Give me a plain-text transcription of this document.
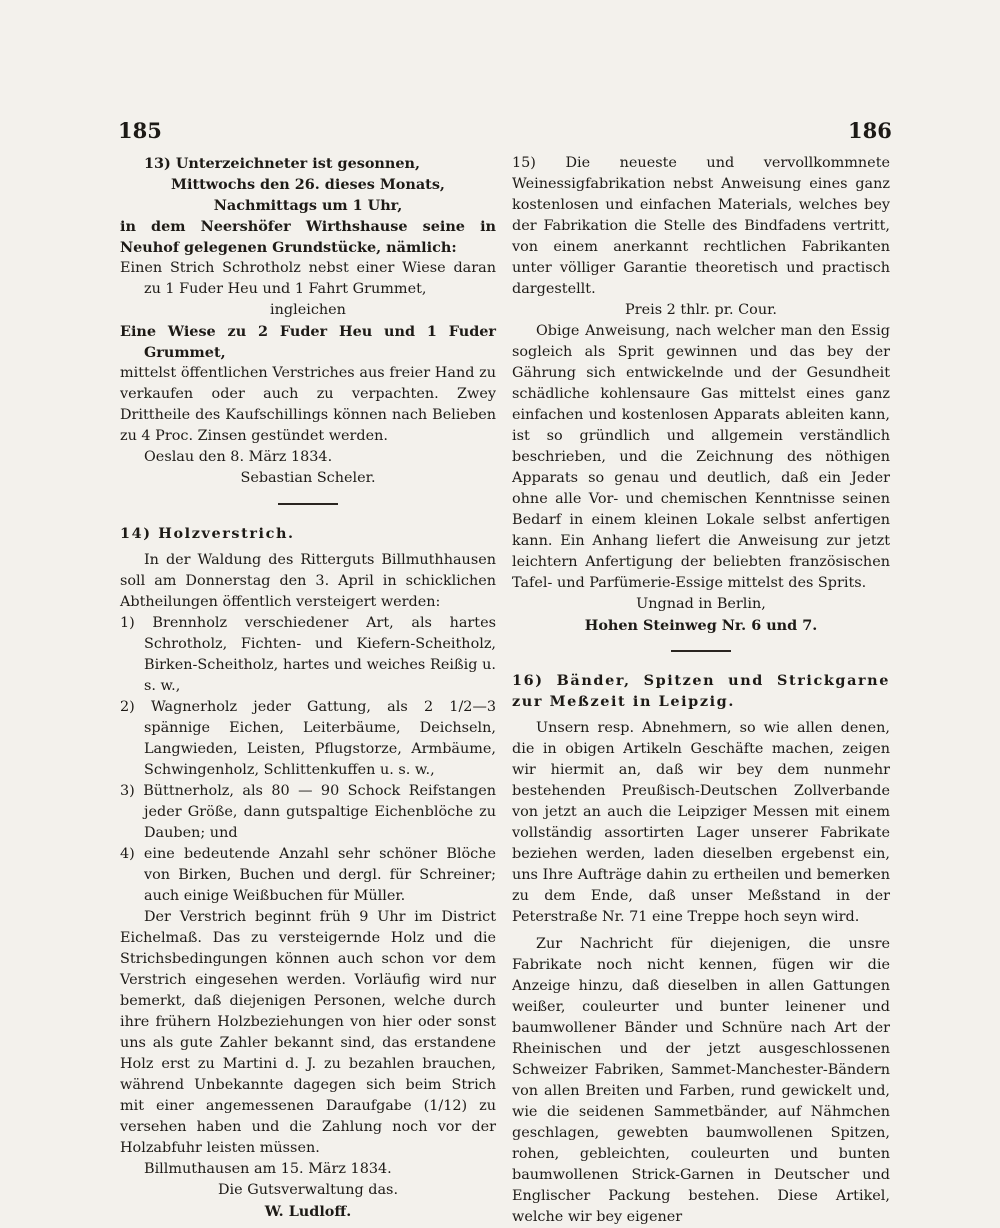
185	186

13) Unterzeichneter ist gesonnen,

Mittwochs den 26. dieses Monats,

Nachmittags um 1 Uhr,

in dem Neershöfer Wirthshause seine in Neuhof gelegenen Grundstücke, nämlich:

Einen Strich Schrotholz nebst einer Wiese daran zu 1 Fuder Heu und 1 Fahrt Grummet,

ingleichen

Eine Wiese zu 2 Fuder Heu und 1 Fuder Grummet,

mittelst öffentlichen Verstriches aus freier Hand zu verkaufen oder auch zu verpachten. Zwey Drittheile des Kaufschillings können nach Belieben zu 4 Proc. Zinsen gestündet werden.

Oeslau den 8. März 1834.

Sebastian Scheler.

14) Holzverstrich.

In der Waldung des Ritterguts Billmuthhausen soll am Donnerstag den 3. April in schicklichen Abtheilungen öffentlich versteigert werden:

1) Brennholz verschiedener Art, als hartes Schrotholz, Fichten- und Kiefern-Scheitholz, Birken-Scheitholz, hartes und weiches Reißig u. s. w.,

2) Wagnerholz jeder Gattung, als 2 1/2—3 spännige Eichen, Leiterbäume, Deichseln, Langwieden, Leisten, Pflugstorze, Armbäume, Schwingenholz, Schlittenkuffen u. s. w.,

3) Büttnerholz, als 80 — 90 Schock Reifstangen jeder Größe, dann gutspaltige Eichenblöche zu Dauben; und

4) eine bedeutende Anzahl sehr schöner Blöche von Birken, Buchen und dergl. für Schreiner; auch einige Weißbuchen für Müller.

Der Verstrich beginnt früh 9 Uhr im District Eichelmaß. Das zu versteigernde Holz und die Strichsbedingungen können auch schon vor dem Verstrich eingesehen werden. Vorläufig wird nur bemerkt, daß diejenigen Personen, welche durch ihre frühern Holzbeziehungen von hier oder sonst uns als gute Zahler bekannt sind, das erstandene Holz erst zu Martini d. J. zu bezahlen brauchen, während Unbekannte dagegen sich beim Strich mit einer angemessenen Daraufgabe (1/12) zu versehen haben und die Zahlung noch vor der Holzabfuhr leisten müssen.

Billmuthausen am 15. März 1834.

Die Gutsverwaltung das.

W. Ludloff.

15) Die neueste und vervollkommnete Weinessigfabrikation nebst Anweisung eines ganz kostenlosen und einfachen Materials, welches bey der Fabrikation die Stelle des Bindfadens vertritt, von einem anerkannt rechtlichen Fabrikanten unter völliger Garantie theoretisch und practisch dargestellt.

Preis 2 thlr. pr. Cour.

Obige Anweisung, nach welcher man den Essig sogleich als Sprit gewinnen und das bey der Gährung sich entwickelnde und der Gesundheit schädliche kohlensaure Gas mittelst eines ganz einfachen und kostenlosen Apparats ableiten kann, ist so gründlich und allgemein verständlich beschrieben, und die Zeichnung des nöthigen Apparats so genau und deutlich, daß ein Jeder ohne alle Vor- und chemischen Kenntnisse seinen Bedarf in einem kleinen Lokale selbst anfertigen kann. Ein Anhang liefert die Anweisung zur jetzt leichtern Anfertigung der beliebten französischen Tafel- und Parfümerie-Essige mittelst des Sprits.

Ungnad in Berlin,

Hohen Steinweg Nr. 6 und 7.

16) Bänder, Spitzen und Strickgarne zur Meßzeit in Leipzig.

Unsern resp. Abnehmern, so wie allen denen, die in obigen Artikeln Geschäfte machen, zeigen wir hiermit an, daß wir bey dem nunmehr bestehenden Preußisch-Deutschen Zollverbande von jetzt an auch die Leipziger Messen mit einem vollständig assortirten Lager unserer Fabrikate beziehen werden, laden dieselben ergebenst ein, uns Ihre Aufträge dahin zu ertheilen und bemerken zu dem Ende, daß unser Meßstand in der Peterstraße Nr. 71 eine Treppe hoch seyn wird.

Zur Nachricht für diejenigen, die unsre Fabrikate noch nicht kennen, fügen wir die Anzeige hinzu, daß dieselben in allen Gattungen weißer, couleurter und bunter leinener und baumwollener Bänder und Schnüre nach Art der Rheinischen und der jetzt ausgeschlossenen Schweizer Fabriken, Sammet-Manchester-Bändern von allen Breiten und Farben, rund gewickelt und, wie die seidenen Sammetbänder, auf Nähmchen geschlagen, gewebten baumwollenen Spitzen, rohen, gebleichten, couleurten und bunten baumwollenen Strick-Garnen in Deutscher und Englischer Packung bestehen. Diese Artikel, welche wir bey eigener
